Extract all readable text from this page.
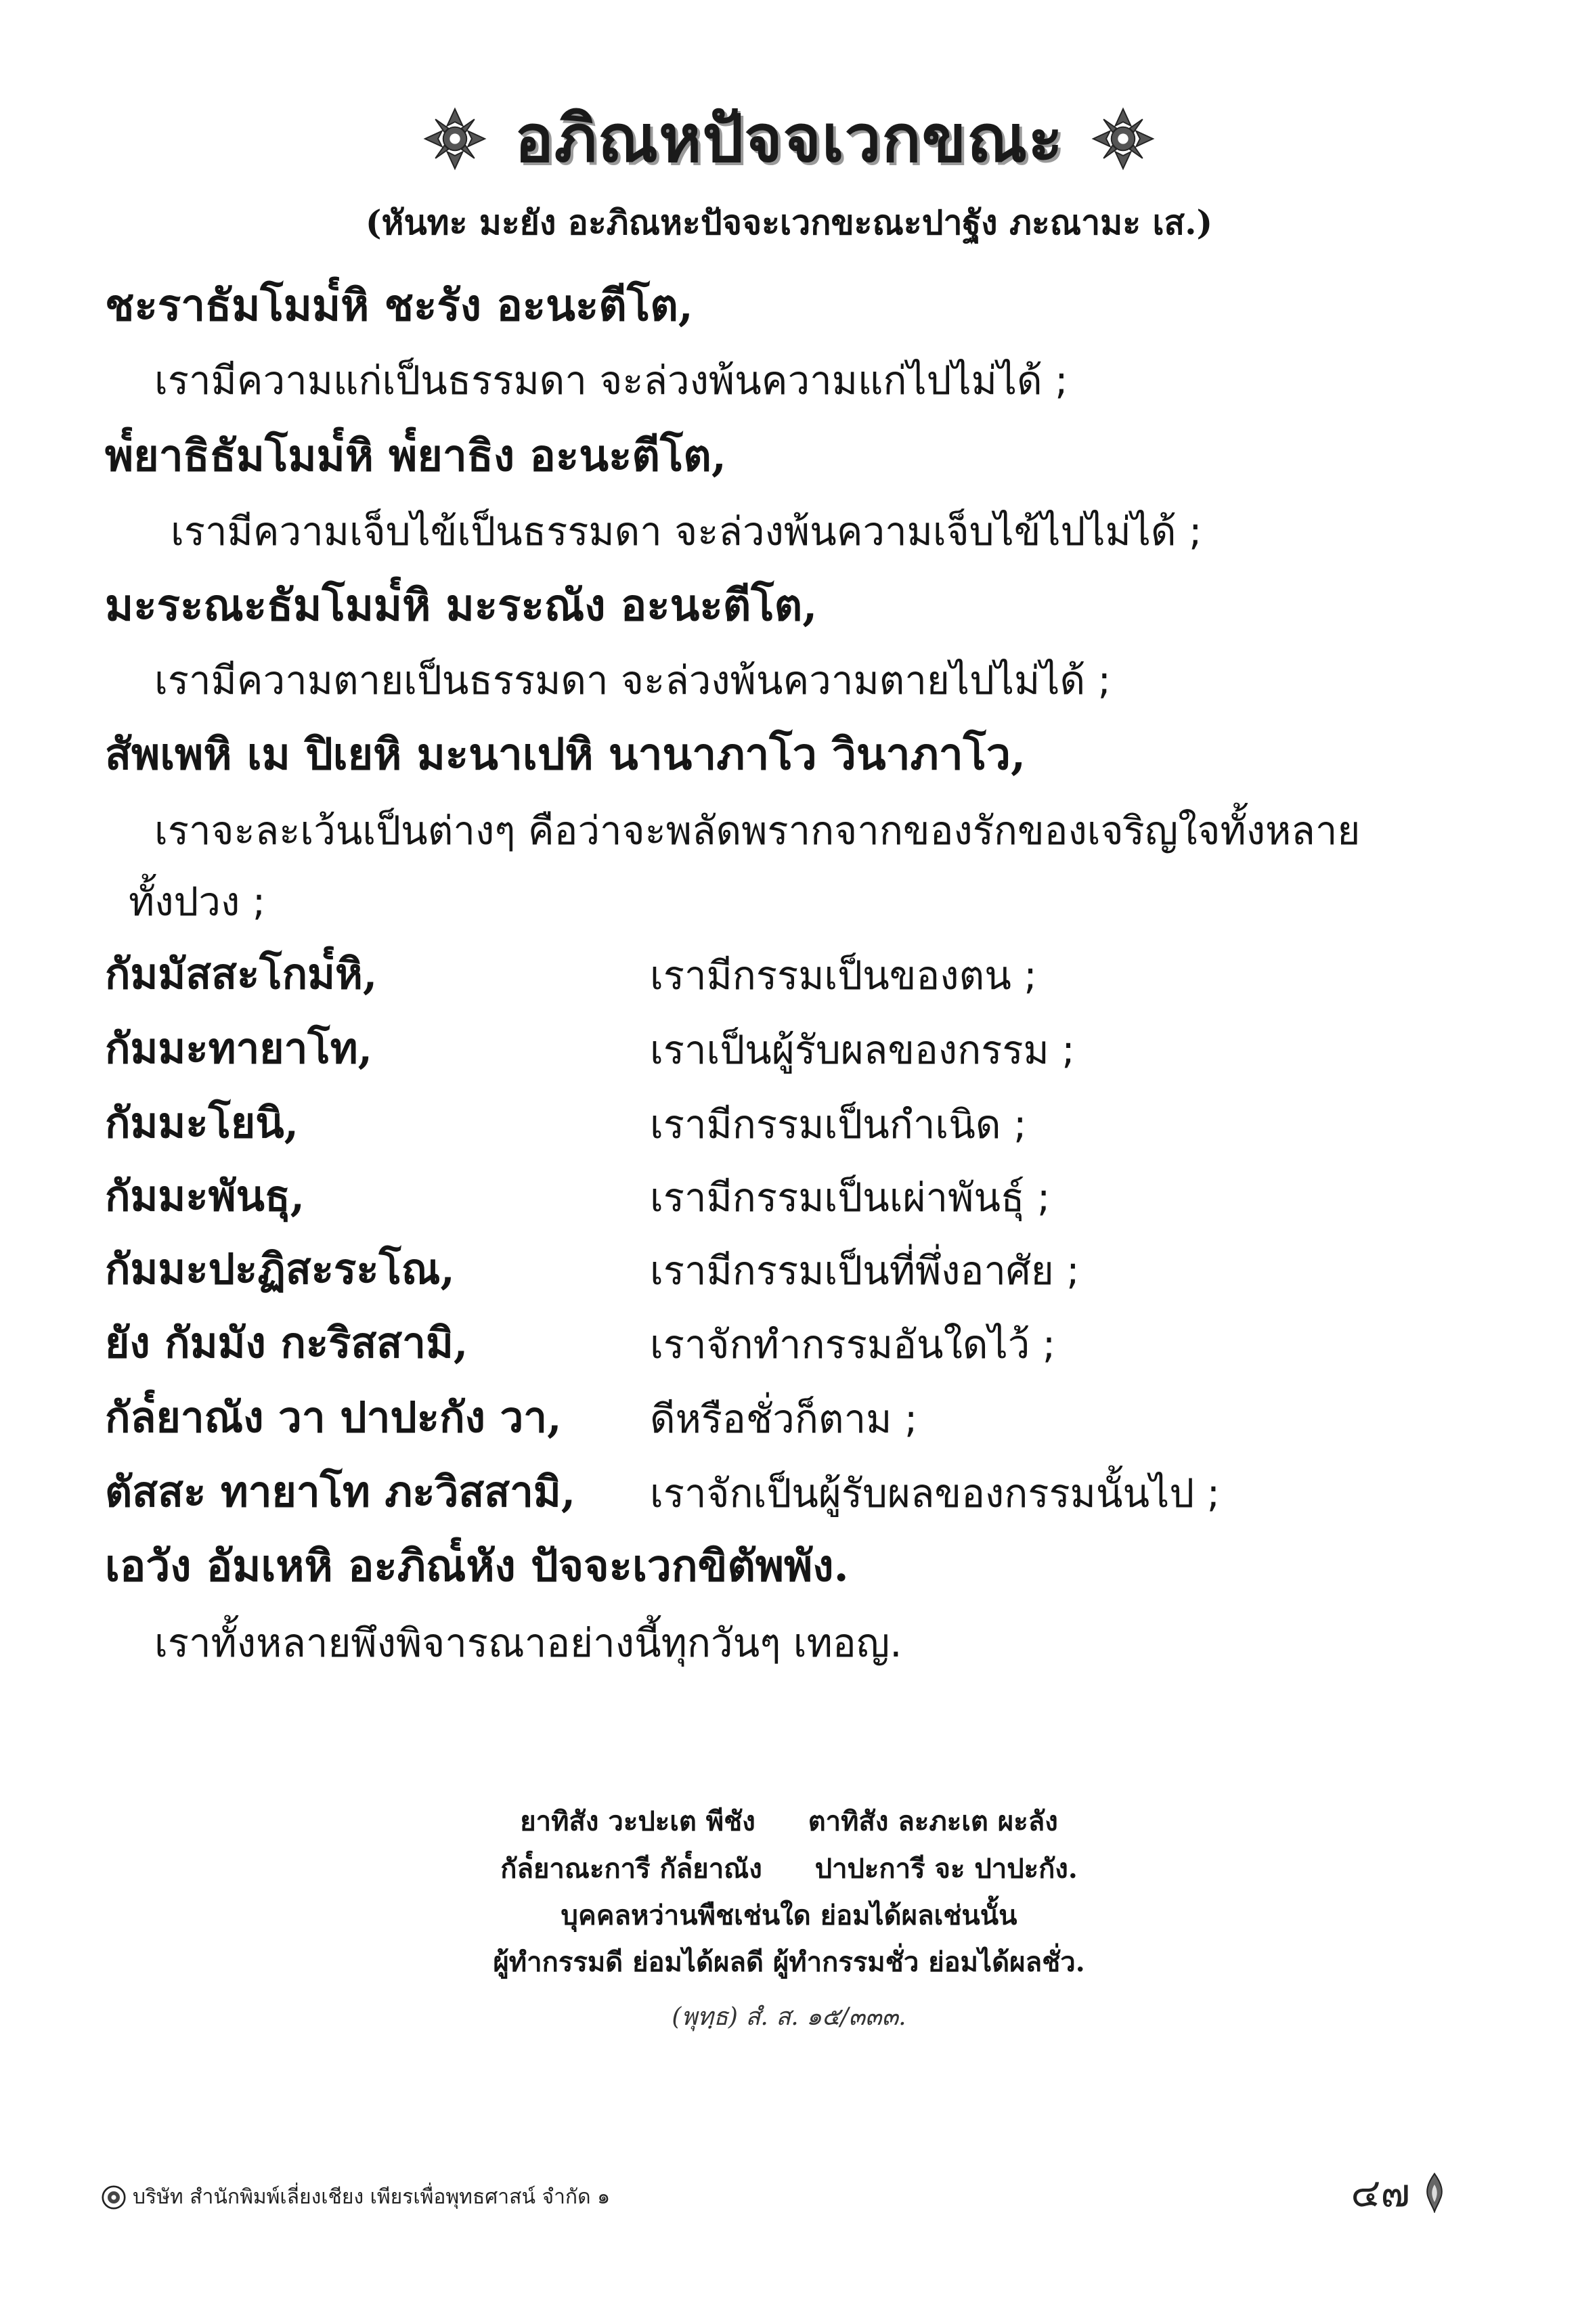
อภิณหปัจจเวกขณะ
(หันทะ มะยัง อะภิณหะปัจจะเวกขะณะปาฐัง ภะณามะ เส.)
ชะราธัมโมม๎หิ ชะรัง อะนะตีโต,
เรามีความแก่เป็นธรรมดา จะล่วงพ้นความแก่ไปไม่ได้ ;
พ๎ยาธิธัมโมม๎หิ พ๎ยาธิง อะนะตีโต,
เรามีความเจ็บไข้เป็นธรรมดา จะล่วงพ้นความเจ็บไข้ไปไม่ได้ ;
มะระณะธัมโมม๎หิ มะระณัง อะนะตีโต,
เรามีความตายเป็นธรรมดา จะล่วงพ้นความตายไปไม่ได้ ;
สัพเพหิ เม ปิเยหิ มะนาเปหิ นานาภาโว วินาภาโว,
เราจะละเว้นเป็นต่างๆ คือว่าจะพลัดพรากจากของรักของเจริญใจทั้งหลาย
ทั้งปวง ;
กัมมัสสะโกม๎หิ,	เรามีกรรมเป็นของตน ;
กัมมะทายาโท,	เราเป็นผู้รับผลของกรรม ;
กัมมะโยนิ,	เรามีกรรมเป็นกำเนิด ;
กัมมะพันธุ,	เรามีกรรมเป็นเผ่าพันธุ์ ;
กัมมะปะฏิสะระโณ,	เรามีกรรมเป็นที่พึ่งอาศัย ;
ยัง กัมมัง กะริสสามิ,	เราจักทำกรรมอันใดไว้ ;
กัล๎ยาณัง วา ปาปะกัง วา, ดีหรือชั่วก็ตาม ;
ตัสสะ ทายาโท ภะวิสสามิ, เราจักเป็นผู้รับผลของกรรมนั้นไป ;
เอวัง อัมเหหิ อะภิณ๎หัง ปัจจะเวกขิตัพพัง.
เราทั้งหลายพึงพิจารณาอย่างนี้ทุกวันๆ เทอญ.
ยาทิสัง วะปะเต พีชัง ตาทิสัง ละภะเต ผะลัง
กัล๎ยาณะการี กัล๎ยาณัง ปาปะการี จะ ปาปะกัง.
บุคคลหว่านพืชเช่นใด ย่อมได้ผลเช่นนั้น
ผู้ทำกรรมดี ย่อมได้ผลดี ผู้ทำกรรมชั่ว ย่อมได้ผลชั่ว.
(พุทฺธ) สํ. ส. ๑๕/๓๓๓.
บริษัท สำนักพิมพ์เลี่ยงเชียง เพียรเพื่อพุทธศาสน์ จำกัด ๑	๔๗
